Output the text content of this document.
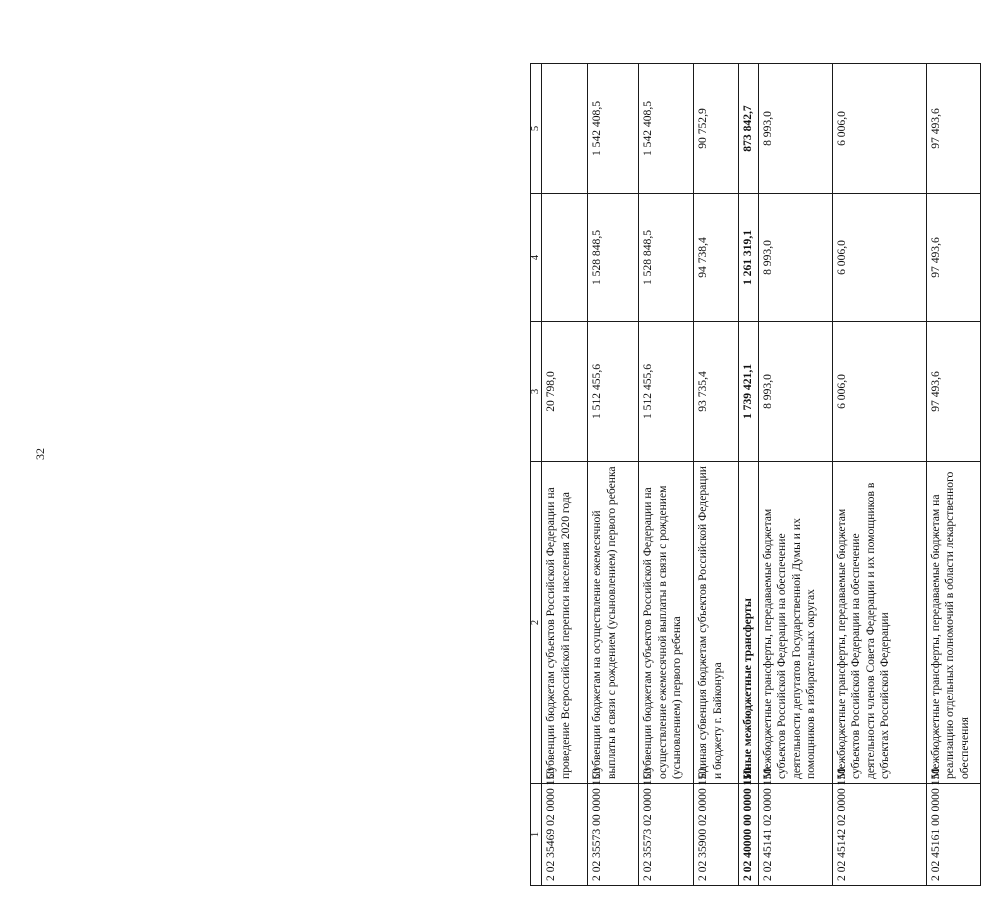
32
1	2	3	4	5
2 02 35469 02 0000 150	Субвенции бюджетам субъектов Российской Федерации на проведение Всероссийской переписи населения 2020 года	20 798,0		
2 02 35573 00 0000 150	Субвенции бюджетам на осуществление ежемесячной выплаты в связи с рождением (усыновлением) первого ребенка	1 512 455,6	1 528 848,5	1 542 408,5
2 02 35573 02 0000 150	Субвенции бюджетам субъектов Российской Федерации на осуществление ежемесячной выплаты в связи с рождением (усыновлением) первого ребенка	1 512 455,6	1 528 848,5	1 542 408,5
2 02 35900 02 0000 150	Единая субвенция бюджетам субъектов Российской Федерации и бюджету г. Байконура	93 735,4	94 738,4	90 752,9
2 02 40000 00 0000 150	Иные межбюджетные трансферты	1 739 421,1	1 261 319,1	873 842,7
2 02 45141 02 0000 150	Межбюджетные трансферты, передаваемые бюджетам субъектов Российской Федерации на обеспечение деятельности депутатов Государственной Думы и их помощников в избирательных округах	8 993,0	8 993,0	8 993,0
2 02 45142 02 0000 150	Межбюджетные трансферты, передаваемые бюджетам субъектов Российской Федерации на обеспечение деятельности членов Совета Федерации и их помощников в субъектах Российской Федерации	6 006,0	6 006,0	6 006,0
2 02 45161 00 0000 150	Межбюджетные трансферты, передаваемые бюджетам на реализацию отдельных полномочий в области лекарственного обеспечения	97 493,6	97 493,6	97 493,6
